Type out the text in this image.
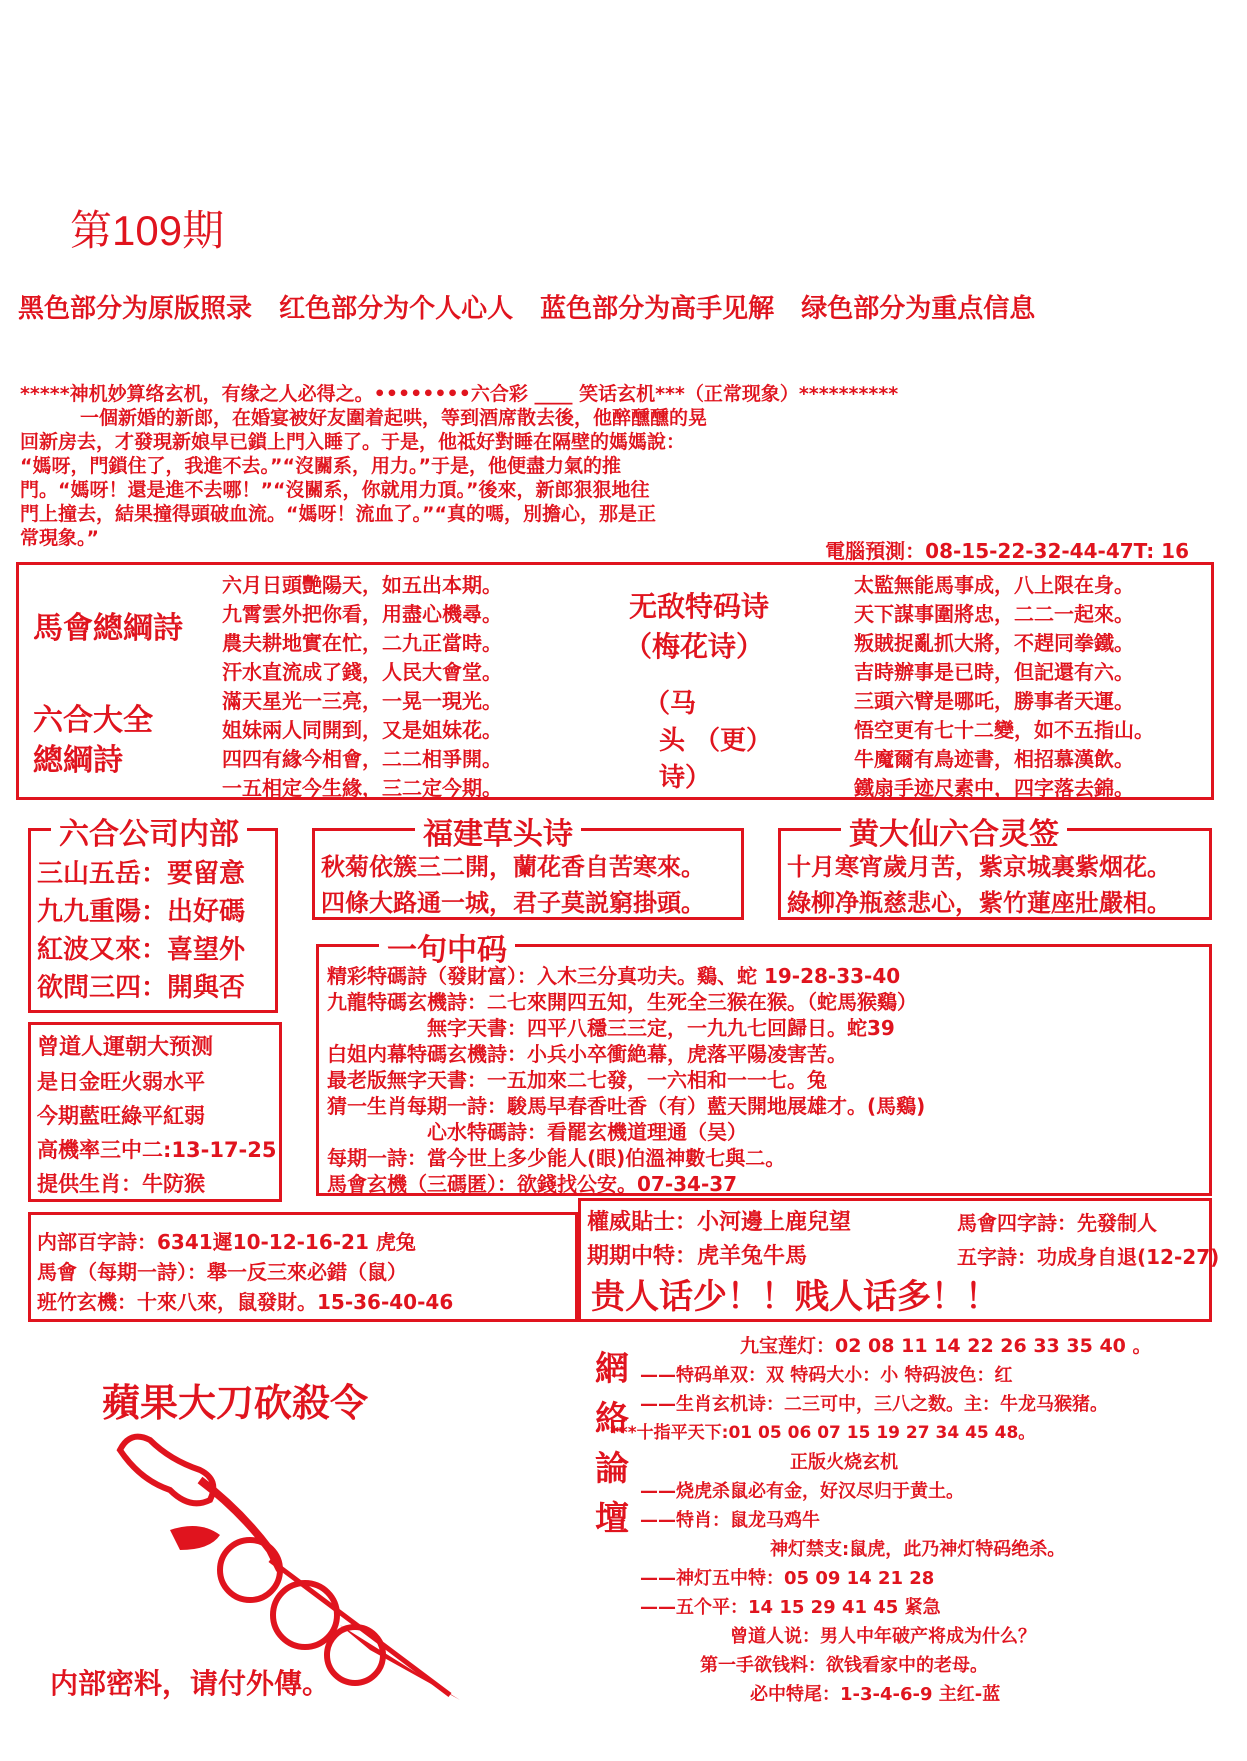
第109期
黑色部分为原版照录 红色部分为个人心人 蓝色部分为高手见解 绿色部分为重点信息

*****神机妙算络玄机，有缘之人必得之。••••••••六合彩 ____ 笑话玄机***（正常现象）**********

一個新婚的新郎，在婚宴被好友圍着起哄，等到酒席散去後，他醉醺醺的晃

回新房去，才發現新娘早已鎖上門入睡了。于是，他祗好對睡在隔壁的媽媽說：

“媽呀，門鎖住了，我進不去。”“沒關系，用力。”于是，他便盡力氣的推

門。“媽呀！還是進不去哪！”“沒關系，你就用力頂。”後來，新郎狠狠地往

門上撞去，結果撞得頭破血流。“媽呀！流血了。”“真的嗎，別擔心，那是正

常現象。”

電腦預測：08-15-22-32-44-47T: 16
馬會總綱詩
六合大全
總綱詩
六月日頭艷陽天，如五出本期。
九霄雲外把你看，用盡心機尋。
農夫耕地實在忙，二九正當時。
汗水直流成了錢，人民大會堂。
滿天星光一三亮，一晃一現光。
姐妹兩人同開到，又是姐妹花。
四四有緣今相會，二二相爭開。
一五相定今生緣，三二定今期。
无敌特码诗
（梅花诗）
（马
头 （更）
诗）
太監無能馬事成，八上限在身。
天下謀事圍將忠，二二一起來。
叛賊捉亂抓大將，不趕同拳鐵。
吉時辦事是已時，但記還有六。
三頭六臂是哪吒，勝事者天運。
悟空更有七十二變，如不五指山。
牛魔爾有鳥迹書，相招慕漢飲。
鐵扇手迹尺素中，四字落去錦。
六合公司内部
三山五岳：要留意
九九重陽：出好碼
紅波又來：喜望外
欲問三四：開與否
福建草头诗
秋菊依簇三二開，蘭花香自苦寒來。
四條大路通一城，君子莫説窮掛頭。
黄大仙六合灵签
十月寒宵歲月苦，紫京城裏紫烟花。
綠柳净瓶慈悲心，紫竹蓮座壯嚴相。
曾道人運朝大预测
是日金旺火弱水平
今期藍旺綠平紅弱
高機率三中二:13-17-25
提供生肖：牛防猴
一句中码
精彩特碼詩（發財富）：入木三分真功夫。鷄、蛇 19-28-33-40
九龍特碼玄機詩：二七來開四五知，生死全三猴在猴。（蛇馬猴鷄）
無字天書：四平八穩三三定，一九九七回歸日。蛇39
白姐内幕特碼玄機詩：小兵小卒衝絶幕，虎落平陽凌害苦。
最老版無字天書：一五加來二七發，一六相和一一七。兔
猜一生肖每期一詩：駿馬早春香吐香（有）藍天開地展雄才。(馬鷄)
心水特碼詩：看罷玄機道理通（吴）
每期一詩：當今世上多少能人(眼)伯溫神數七與二。
馬會玄機（三碼匿）：欲錢找公安。07-34-37
内部百字詩：6341遲10-12-16-21 虎兔
馬會（每期一詩）：舉一反三來必錯（鼠）
班竹玄機：十來八來，鼠發財。15-36-40-46
權威貼士：小河邊上鹿兒望	馬會四字詩：先發制人
期期中特：虎羊兔牛馬	五字詩：功成身自退(12-27)
贵人话少！！贱人话多！！
蘋果大刀砍殺令
内部密料，请付外傳。
網
絡
論
壇
九宝莲灯：02 08 11 14 22 26 33 35 40 。
——特码单双：双 特码大小：小 特码波色：红
——生肖玄机诗：二三可中，三八之数。主：牛龙马猴猪。
***十指平天下:01 05 06 07 15 19 27 34 45 48。
正版火烧玄机
——烧虎杀鼠必有金，好汉尽归于黄土。
——特肖：鼠龙马鸡牛
神灯禁支:鼠虎，此乃神灯特码绝杀。
——神灯五中特：05 09 14 21 28
——五个平：14 15 29 41 45 紧急
曾道人说：男人中年破产将成为什么？
第一手欲钱料：欲钱看家中的老母。
必中特尾：1-3-4-6-9 主红-蓝
